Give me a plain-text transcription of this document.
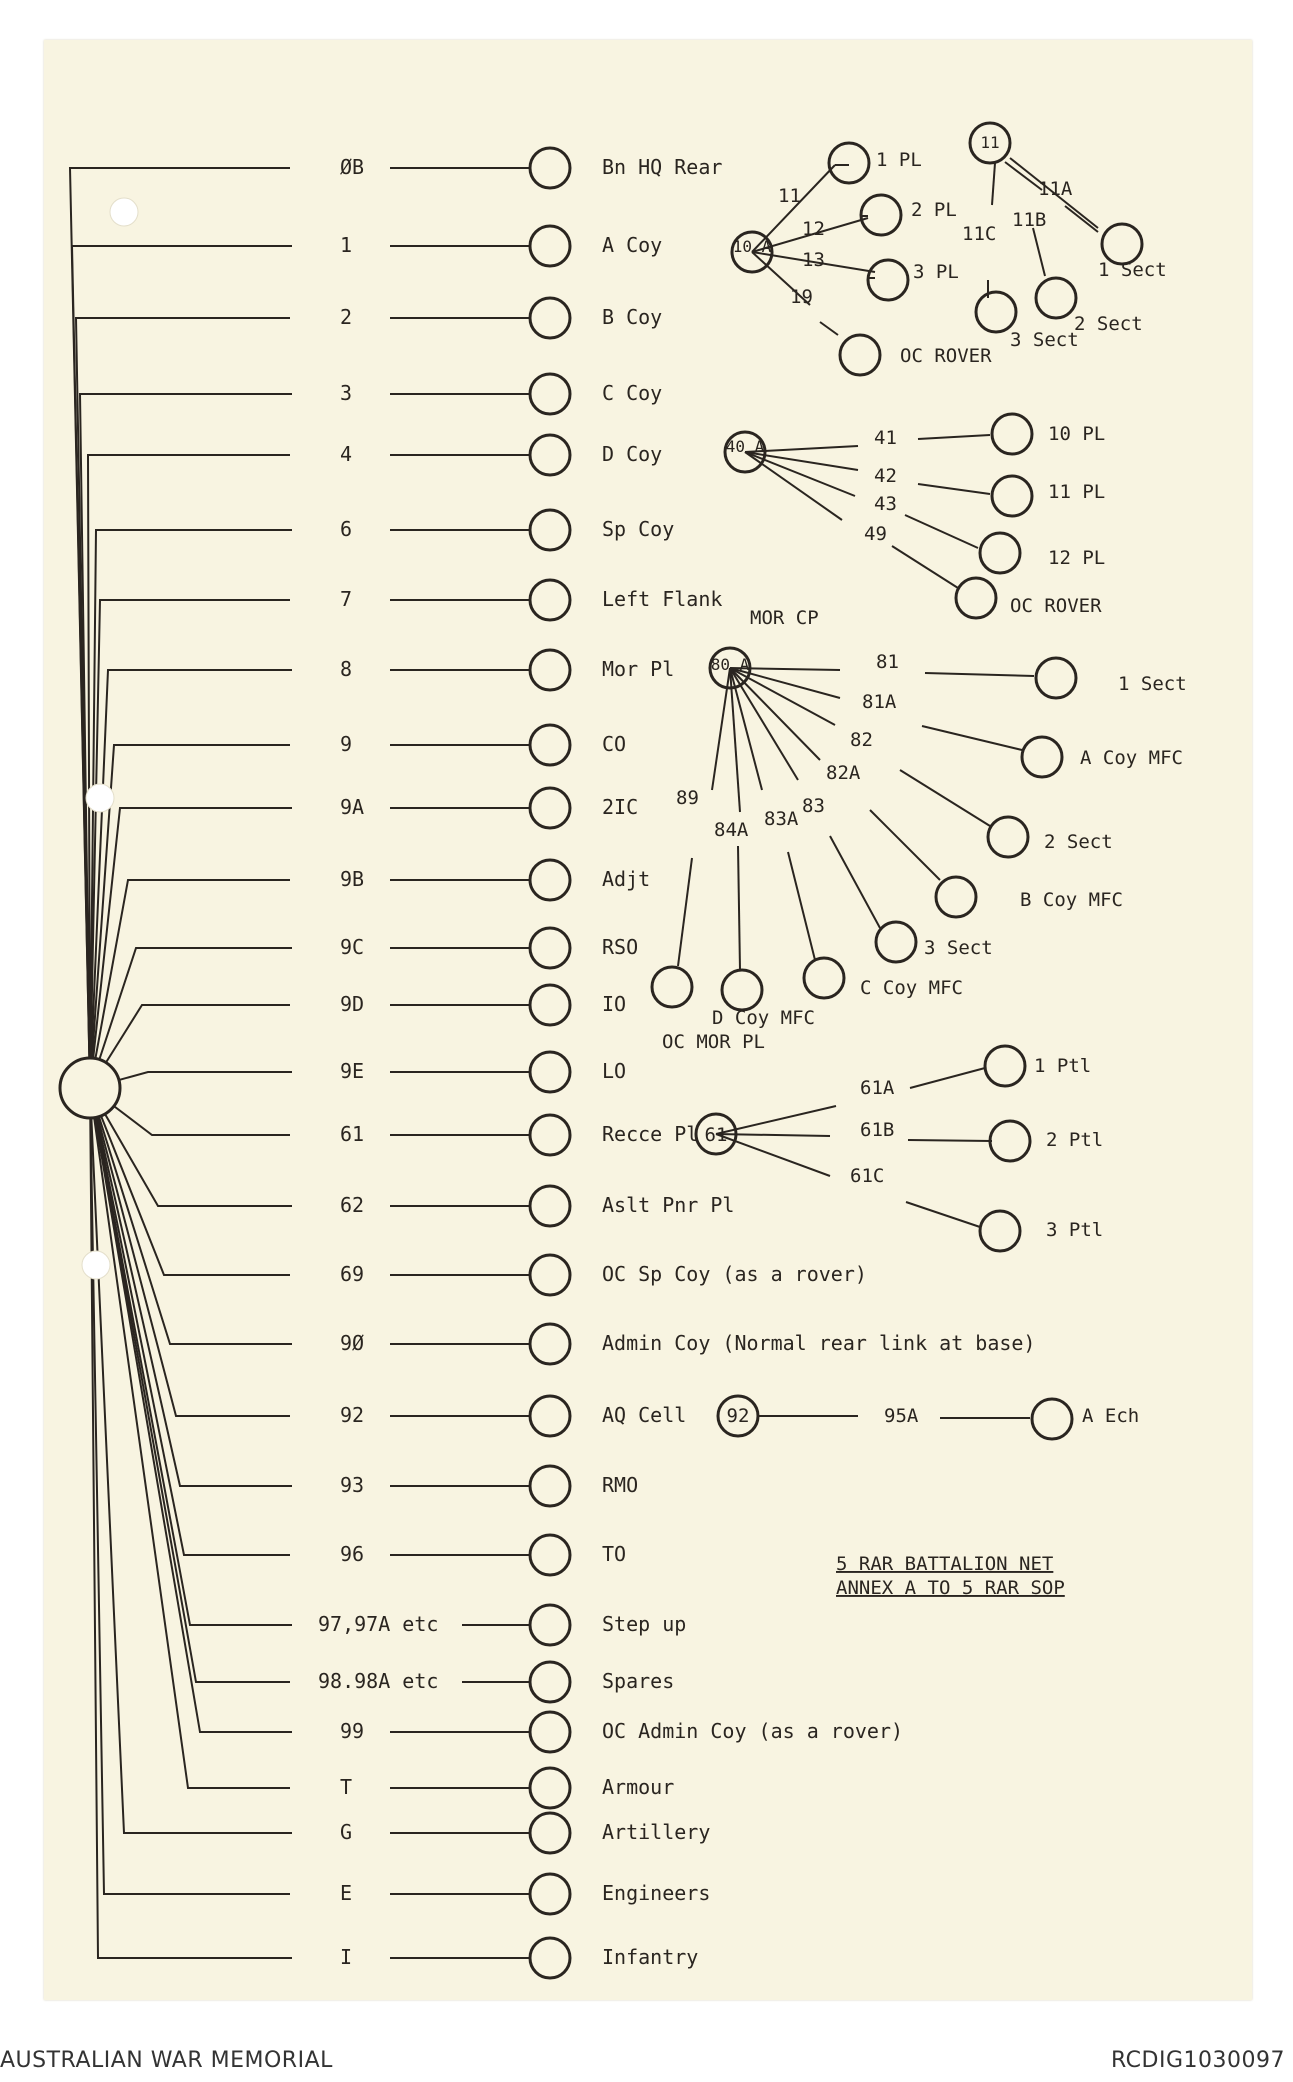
ØB	Bn HQ Rear
1	A Coy
2	B Coy
3	C Coy
4	D Coy
6	Sp Coy
7	Left Flank
8	Mor Pl
9	CO
9A	2IC
9B	Adjt
9C	RSO
9D	IO
9E	LO
61	Recce Pl
62	Aslt Pnr Pl
69	OC Sp Coy (as a rover)
9Ø	Admin Coy (Normal rear link at base)
92	AQ Cell
93	RMO
96	TO
97,97A etc	Step up
98.98A etc	Spares
99	OC Admin Coy (as a rover)
T	Armour
G	Artillery
E	Engineers
I	Infantry
10 A
11
12
13
19
1 PL
2 PL
3 PL
OC ROVER
11
11A
11B
11C
1 Sect
2 Sect
3 Sect
40 A	41
42
43
49
10 PL
11 PL
12 PL
OC ROVER
MOR CP
80 A	81
81A
82
82A
83
83A
84A
89
1 Sect
A Coy MFC
2 Sect
B Coy MFC
3 Sect
C Coy MFC
D Coy MFC
OC MOR PL
61
61A
61B
61C
1 Ptl
2 Ptl
3 Ptl
92	95A	A Ech
5 RAR BATTALION NET
ANNEX A TO 5 RAR SOP
AUSTRALIAN WAR MEMORIAL	RCDIG1030097
